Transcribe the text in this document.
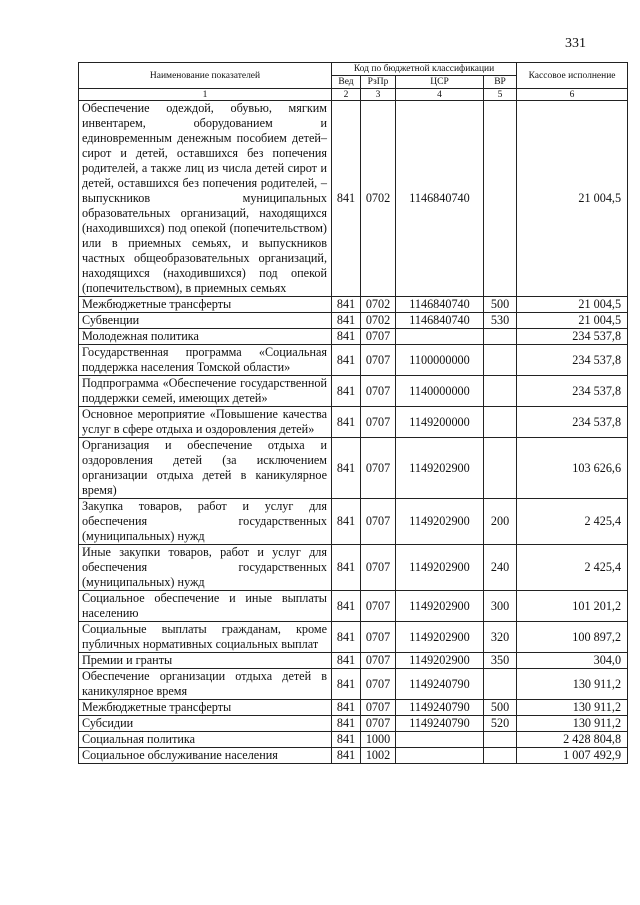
331
Наименование показателей	Код по бюджетной классификации				Кассовое исполнение
	Вед	РзПр	ЦСР	ВР	
1	2	3	4	5	6
Обеспечение одеждой, обувью, мягким инвентарем, оборудованием и единовременным денежным пособием детей–сирот и детей, оставшихся без попечения родителей, а также лиц из числа детей сирот и детей, оставшихся без попечения родителей, – выпускников муниципальных образовательных организаций, находящихся (находившихся) под опекой (попечительством) или в приемных семьях, и выпускников частных общеобразовательных организаций, находящихся (находившихся) под опекой (попечительством), в приемных семьях	841	0702	1146840740		21 004,5
Межбюджетные трансферты	841	0702	1146840740	500	21 004,5
Субвенции	841	0702	1146840740	530	21 004,5
Молодежная политика	841	0707			234 537,8
Государственная программа «Социальная поддержка населения Томской области»	841	0707	1100000000		234 537,8
Подпрограмма «Обеспечение государственной поддержки семей, имеющих детей»	841	0707	1140000000		234 537,8
Основное мероприятие «Повышение качества услуг в сфере отдыха и оздоровления детей»	841	0707	1149200000		234 537,8
Организация и обеспечение отдыха и оздоровления детей (за исключением организации отдыха детей в каникулярное время)	841	0707	1149202900		103 626,6
Закупка товаров, работ и услуг для обеспечения государственных (муниципальных) нужд	841	0707	1149202900	200	2 425,4
Иные закупки товаров, работ и услуг для обеспечения государственных (муниципальных) нужд	841	0707	1149202900	240	2 425,4
Социальное обеспечение и иные выплаты населению	841	0707	1149202900	300	101 201,2
Социальные выплаты гражданам, кроме публичных нормативных социальных выплат	841	0707	1149202900	320	100 897,2
Премии и гранты	841	0707	1149202900	350	304,0
Обеспечение организации отдыха детей в каникулярное время	841	0707	1149240790		130 911,2
Межбюджетные трансферты	841	0707	1149240790	500	130 911,2
Субсидии	841	0707	1149240790	520	130 911,2
Социальная политика	841	1000			2 428 804,8
Социальное обслуживание населения	841	1002			1 007 492,9
